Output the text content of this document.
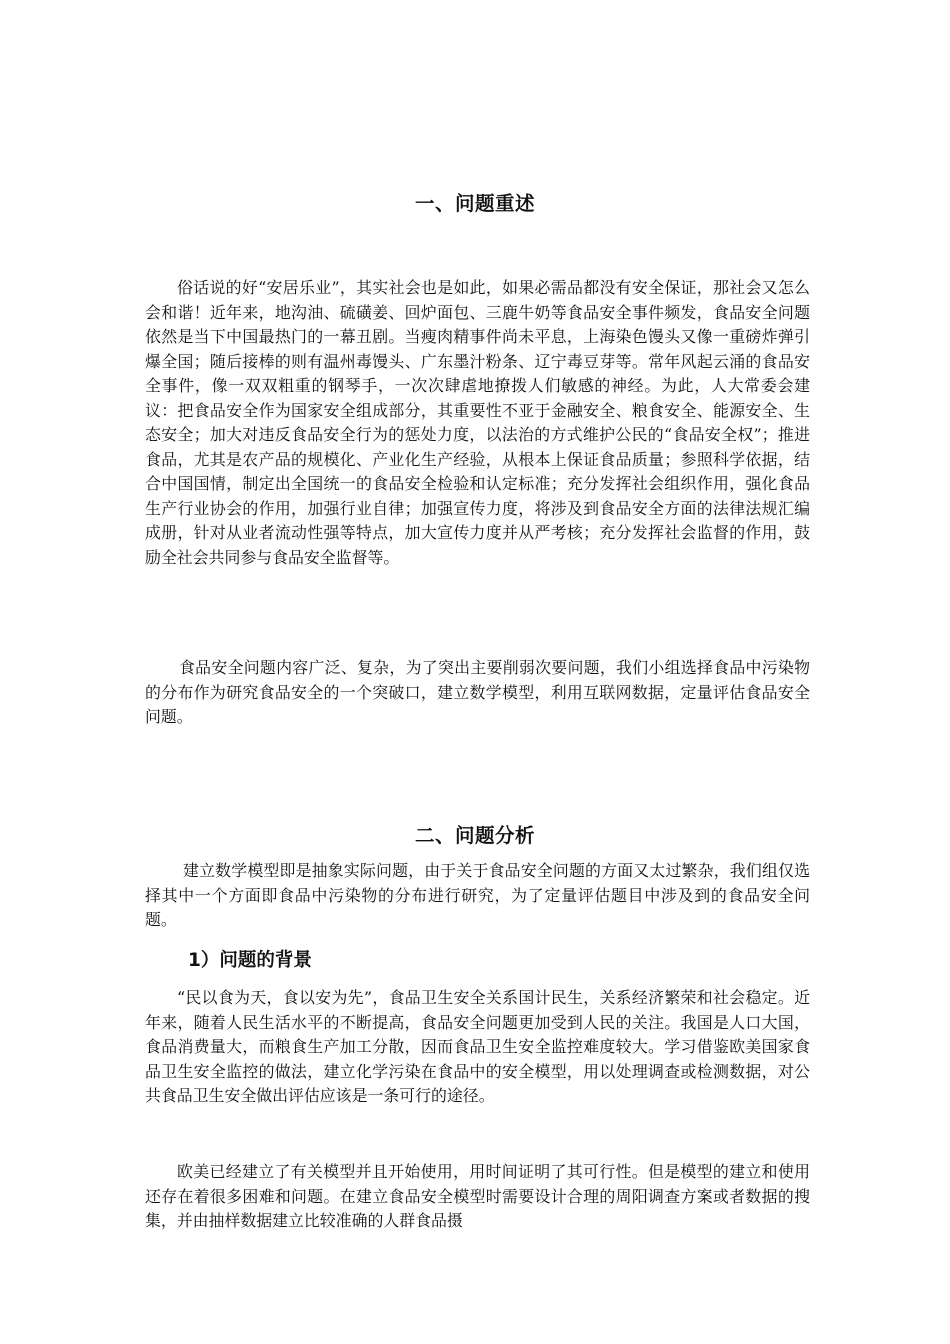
一、问题重述

俗话说的好“安居乐业”，其实社会也是如此，如果必需品都没有安全保证，那社会又怎么会和谐！近年来，地沟油、硫磺姜、回炉面包、三鹿牛奶等食品安全事件频发，食品安全问题依然是当下中国最热门的一幕丑剧。当瘦肉精事件尚未平息，上海染色馒头又像一重磅炸弹引爆全国；随后接棒的则有温州毒馒头、广东墨汁粉条、辽宁毒豆芽等。常年风起云涌的食品安全事件，像一双双粗重的钢琴手，一次次肆虐地撩拨人们敏感的神经。为此，人大常委会建议：把食品安全作为国家安全组成部分，其重要性不亚于金融安全、粮食安全、能源安全、生态安全；加大对违反食品安全行为的惩处力度，以法治的方式维护公民的“食品安全权”；推进食品，尤其是农产品的规模化、产业化生产经验，从根本上保证食品质量；参照科学依据，结合中国国情，制定出全国统一的食品安全检验和认定标准；充分发挥社会组织作用，强化食品生产行业协会的作用，加强行业自律；加强宣传力度，将涉及到食品安全方面的法律法规汇编成册，针对从业者流动性强等特点，加大宣传力度并从严考核；充分发挥社会监督的作用，鼓励全社会共同参与食品安全监督等。

食品安全问题内容广泛、复杂，为了突出主要削弱次要问题，我们小组选择食品中污染物的分布作为研究食品安全的一个突破口，建立数学模型，利用互联网数据，定量评估食品安全问题。

二、问题分析

建立数学模型即是抽象实际问题，由于关于食品安全问题的方面又太过繁杂，我们组仅选择其中一个方面即食品中污染物的分布进行研究，为了定量评估题目中涉及到的食品安全问题。

1）问题的背景

“民以食为天，食以安为先”，食品卫生安全关系国计民生，关系经济繁荣和社会稳定。近年来，随着人民生活水平的不断提高，食品安全问题更加受到人民的关注。我国是人口大国，食品消费量大，而粮食生产加工分散，因而食品卫生安全监控难度较大。学习借鉴欧美国家食品卫生安全监控的做法，建立化学污染在食品中的安全模型，用以处理调查或检测数据，对公共食品卫生安全做出评估应该是一条可行的途径。

欧美已经建立了有关模型并且开始使用，用时间证明了其可行性。但是模型的建立和使用还存在着很多困难和问题。在建立食品安全模型时需要设计合理的周阳调查方案或者数据的搜集，并由抽样数据建立比较准确的人群食品摄
